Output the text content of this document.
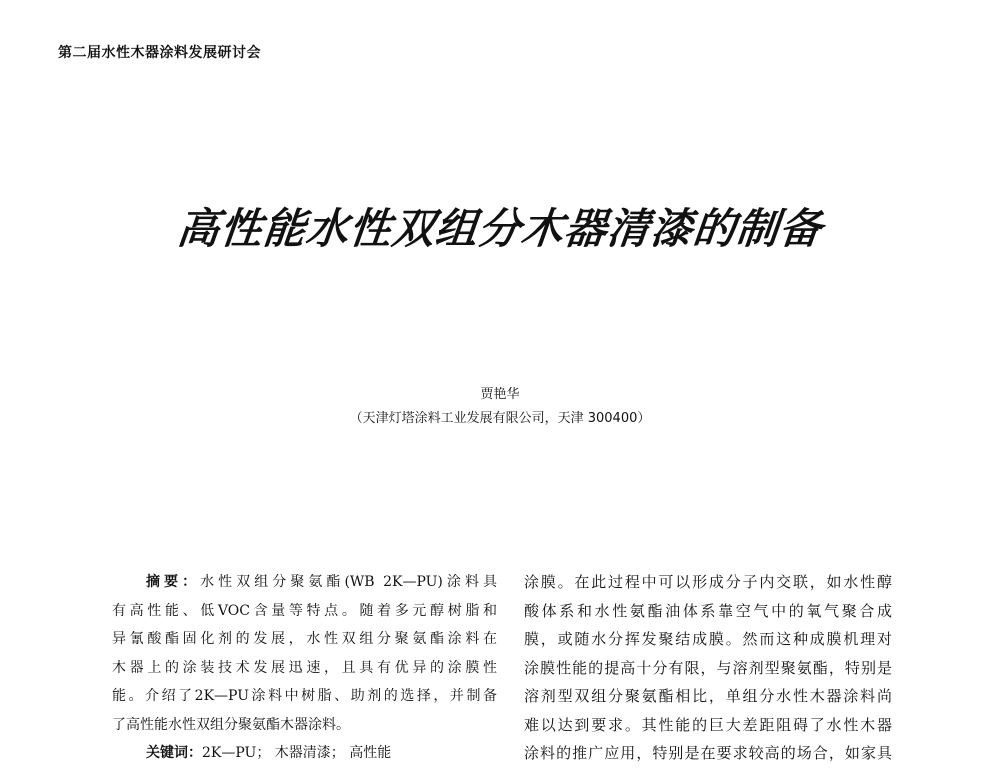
第二届水性木器涂料发展研讨会
高性能水性双组分木器清漆的制备
贾艳华
（天津灯塔涂料工业发展有限公司，天津 300400）
摘要：水性双组分聚氨酯(WB 2K—PU)涂料具
有高性能、低VOC含量等特点。随着多元醇树脂和
异氰酸酯固化剂的发展，水性双组分聚氨酯涂料在
木器上的涂装技术发展迅速，且具有优异的涂膜性
能。介绍了2K—PU涂料中树脂、助剂的选择，并制备
了高性能水性双组分聚氨酯木器涂料。
关键词：2K—PU； 木器清漆； 高性能
涂膜。在此过程中可以形成分子内交联，如水性醇
酸体系和水性氨酯油体系靠空气中的氧气聚合成
膜，或随水分挥发聚结成膜。然而这种成膜机理对
涂膜性能的提高十分有限，与溶剂型聚氨酯，特别是
溶剂型双组分聚氨酯相比，单组分水性木器涂料尚
难以达到要求。其性能的巨大差距阻碍了水性木器
涂料的推广应用，特别是在要求较高的场合，如家具
